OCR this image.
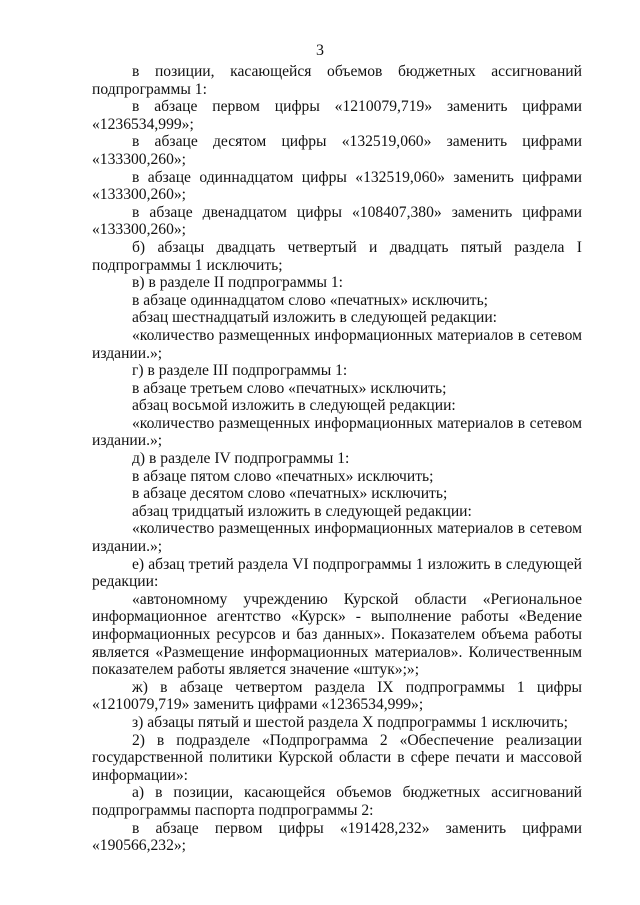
3

в позиции, касающейся объемов бюджетных ассигнований подпрограммы 1:

в абзаце первом цифры «1210079,719» заменить цифрами «1236534,999»;

в абзаце десятом цифры «132519,060» заменить цифрами «133300,260»;

в абзаце одиннадцатом цифры «132519,060» заменить цифрами «133300,260»;

в абзаце двенадцатом цифры «108407,380» заменить цифрами «133300,260»;

б) абзацы двадцать четвертый и двадцать пятый раздела I подпрограммы 1 исключить;

в) в разделе II подпрограммы 1:

в абзаце одиннадцатом слово «печатных» исключить;

абзац шестнадцатый изложить в следующей редакции:

«количество размещенных информационных материалов в сетевом издании.»;

г) в разделе III подпрограммы 1:

в абзаце третьем слово «печатных» исключить;

абзац восьмой изложить в следующей редакции:

«количество размещенных информационных материалов в сетевом издании.»;

д) в разделе IV подпрограммы 1:

в абзаце пятом слово «печатных» исключить;

в абзаце десятом слово «печатных» исключить;

абзац тридцатый изложить в следующей редакции:

«количество размещенных информационных материалов в сетевом издании.»;

е) абзац третий раздела VI подпрограммы 1 изложить в следующей редакции:

«автономному учреждению Курской области «Региональное информационное агентство «Курск» - выполнение работы «Ведение информационных ресурсов и баз данных». Показателем объема работы является «Размещение информационных материалов». Количественным показателем работы является значение «штук»;»;

ж) в абзаце четвертом раздела IX подпрограммы 1 цифры «1210079,719» заменить цифрами «1236534,999»;

з) абзацы пятый и шестой раздела X подпрограммы 1 исключить;

2) в подразделе «Подпрограмма 2 «Обеспечение реализации государственной политики Курской области в сфере печати и массовой информации»:

а) в позиции, касающейся объемов бюджетных ассигнований подпрограммы паспорта подпрограммы 2:

в абзаце первом цифры «191428,232» заменить цифрами «190566,232»;
